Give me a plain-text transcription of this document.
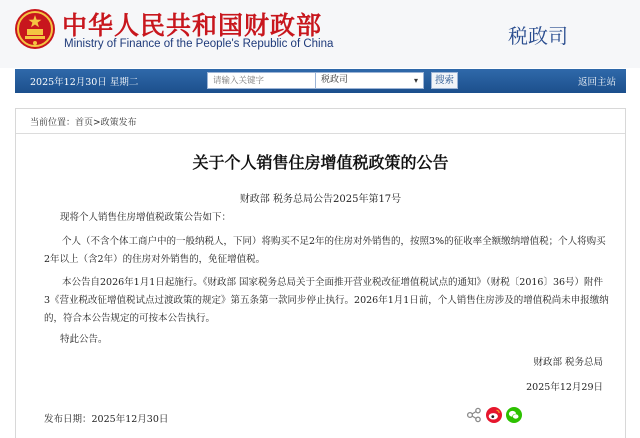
中华人民共和国财政部
Ministry of Finance of the People's Republic of China	税政司
2025年12月30日 星期二
请输入关键字	税政司	▾	搜索	返回主站
当前位置：首页>政策发布
关于个人销售住房增值税政策的公告
财政部 税务总局公告2025年第17号
现将个人销售住房增值税政策公告如下：
个人（不含个体工商户中的一般纳税人，下同）将购买不足2年的住房对外销售的，按照3%的征收率全额缴纳增值税；个人将购买2年以上（含2年）的住房对外销售的，免征增值税。
本公告自2026年1月1日起施行。《财政部 国家税务总局关于全面推开营业税改征增值税试点的通知》（财税〔2016〕36号）附件3《营业税改征增值税试点过渡政策的规定》第五条第一款同步停止执行。2026年1月1日前，个人销售住房涉及的增值税尚未申报缴纳的，符合本公告规定的可按本公告执行。
特此公告。
财政部 税务总局
2025年12月29日
发布日期：2025年12月30日
